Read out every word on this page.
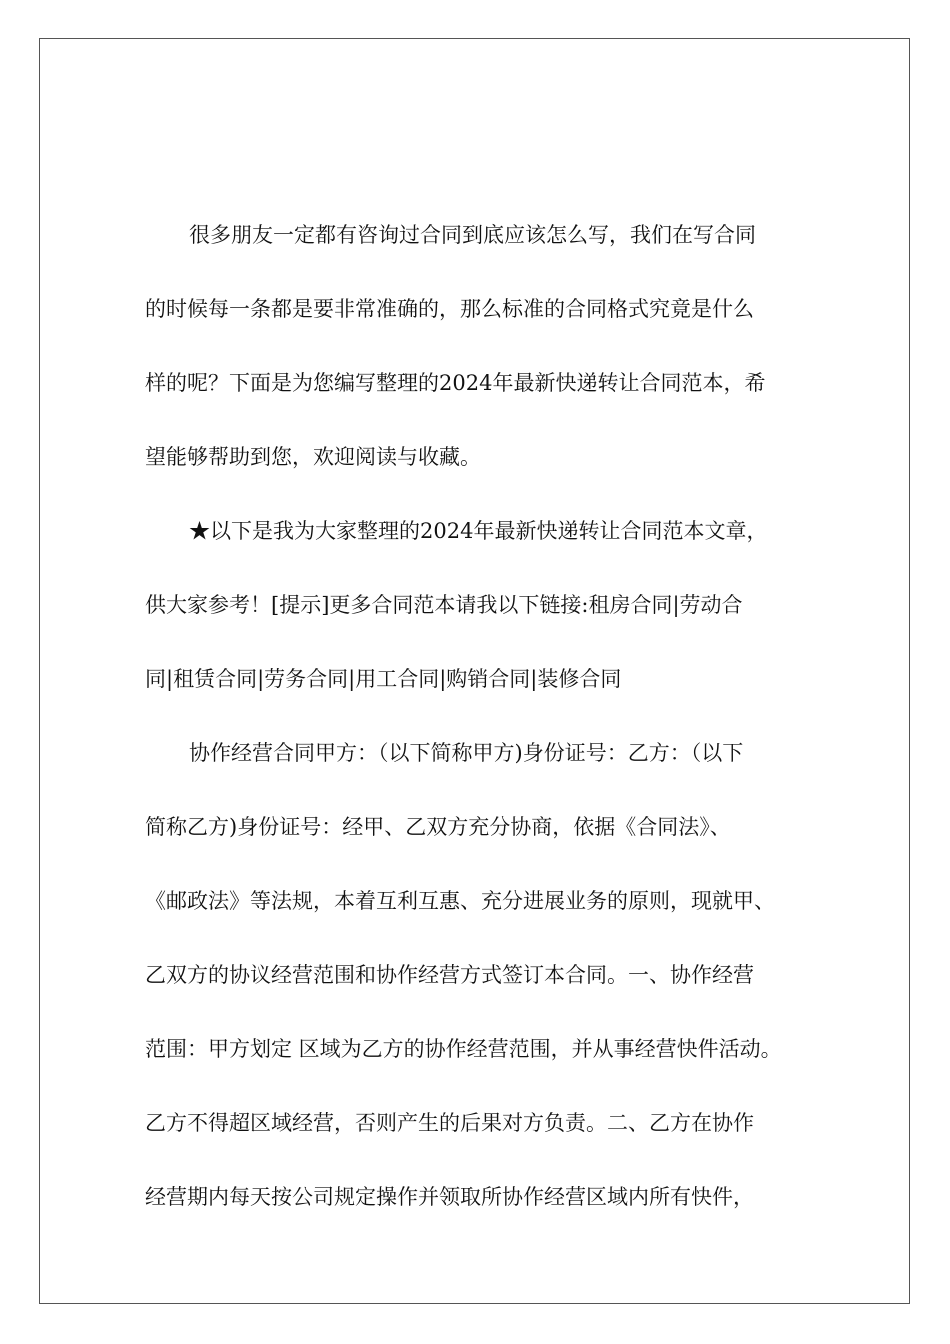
很多朋友一定都有咨询过合同到底应该怎么写，我们在写合同
的时候每一条都是要非常准确的，那么标准的合同格式究竟是什么
样的呢？下面是为您编写整理的2024年最新快递转让合同范本，希
望能够帮助到您，欢迎阅读与收藏。
★以下是我为大家整理的2024年最新快递转让合同范本文章，
供大家参考！[提示]更多合同范本请我以下链接:租房合同|劳动合
同|租赁合同|劳务合同|用工合同|购销合同|装修合同
协作经营合同甲方：（以下简称甲方)身份证号：乙方：（以下
简称乙方)身份证号：经甲、乙双方充分协商，依据《合同法》、
《邮政法》等法规，本着互利互惠、充分进展业务的原则，现就甲、
乙双方的协议经营范围和协作经营方式签订本合同。一、协作经营
范围：甲方划定 区域为乙方的协作经营范围，并从事经营快件活动。
乙方不得超区域经营，否则产生的后果对方负责。二、乙方在协作
经营期内每天按公司规定操作并领取所协作经营区域内所有快件，
